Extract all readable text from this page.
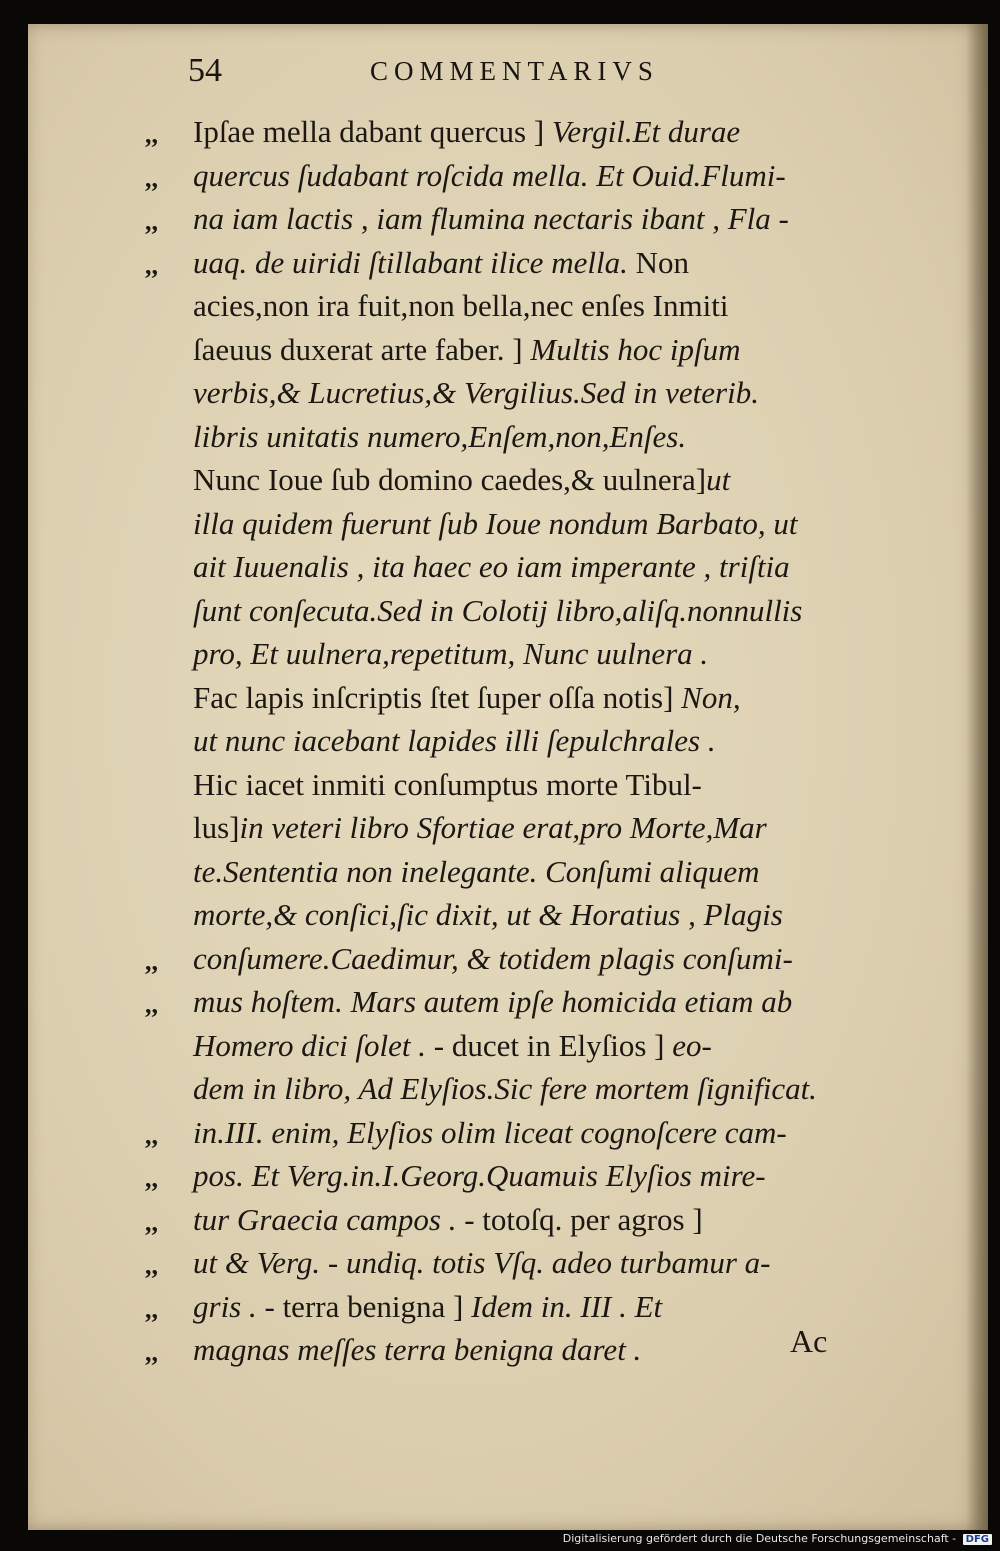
54	COMMENTARIVS
Ipſae mella dabant quercus ] Vergil.Et durae
quercus ſudabant roſcida mella. Et Ouid.Flumi-
na iam lactis , iam flumina nectaris ibant , Fla -
uaq. de uiridi ſtillabant ilice mella. Non
acies,non ira fuit,non bella,nec enſes Inmiti
ſaeuus duxerat arte faber. ] Multis hoc ipſum
verbis,& Lucretius,& Vergilius.Sed in veterib.
libris unitatis numero,Enſem,non,Enſes.
Nunc Ioue ſub domino caedes,& uulnera]ut
illa quidem fuerunt ſub Ioue nondum Barbato, ut
ait Iuuenalis , ita haec eo iam imperante , triſtia
ſunt conſecuta.Sed in Colotij libro,aliſq.nonnullis
pro, Et uulnera,repetitum, Nunc uulnera .
Fac lapis inſcriptis ſtet ſuper oſſa notis] Non,
ut nunc iacebant lapides illi ſepulchrales .
Hic iacet inmiti conſumptus morte Tibul-
lus]in veteri libro Sfortiae erat,pro Morte,Mar
te.Sententia non inelegante. Conſumi aliquem
morte,& conſici,ſic dixit, ut & Horatius , Plagis
conſumere.Caedimur, & totidem plagis conſumi-
mus hoſtem. Mars autem ipſe homicida etiam ab
Homero dici ſolet . - ducet in Elyſios ] eo-
dem in libro, Ad Elyſios.Sic fere mortem ſignificat.
in.III. enim, Elyſios olim liceat cognoſcere cam-
pos. Et Verg.in.I.Georg.Quamuis Elyſios mire-
tur Graecia campos . - totoſq. per agros ]
ut & Verg. - undiq. totis Vſq. adeo turbamur a-
gris . - terra benigna ] Idem in. III . Et
magnas meſſes terra benigna daret .
,,
,,
,,
,,
,,
,,
,,
,,
,,
,,
,,
,,	Ac
Digitalisierung gefördert durch die Deutsche Forschungsgemeinschaft - DFG
